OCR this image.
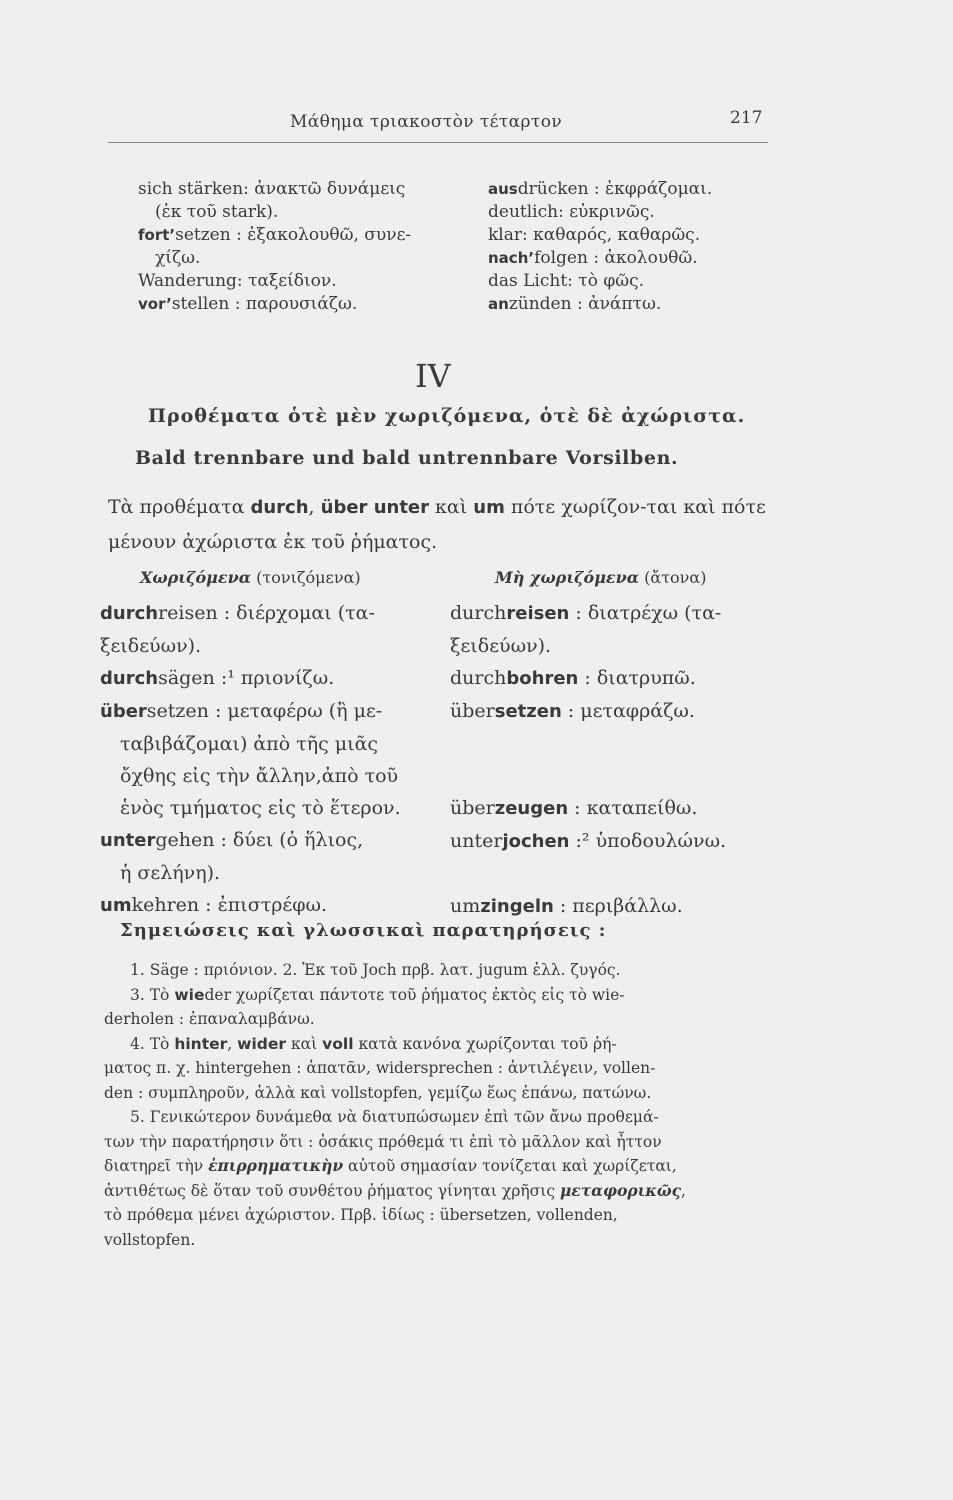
Μάθημα τριακοστὸν τέταρτον	217
sich stärken: ἀνακτῶ δυνάμεις
(ἐκ τοῦ stark).
fort’setzen : ἐξακολουθῶ, συνε-
χίζω.
Wanderung: ταξείδιον.
vor’stellen : παρουσιάζω.
ausdrücken : ἐκφράζομαι.
deutlich: εὐκρινῶς.
klar: καθαρός, καθαρῶς.
nach’folgen : ἀκολουθῶ.
das Licht: τὸ φῶς.
anzünden : ἀνάπτω.
IV
Προθέματα ὁτὲ μὲν χωριζόμενα, ὁτὲ δὲ ἀχώριστα.
Bald trennbare und bald untrennbare Vorsilben.
Τὰ προθέματα durch, über unter καὶ um πότε χωρίζον-ται καὶ πότε μένουν ἀχώριστα ἐκ τοῦ ῥήματος.
Χωριζόμενα (τονιζόμενα)	Μὴ χωριζόμενα (ἄτονα)
durchreisen : διέρχομαι (τα-
ξειδεύων).
durchsägen :¹ πριονίζω.
übersetzen : μεταφέρω (ἢ με-
ταβιβάζομαι) ἀπὸ τῆς μιᾶς
ὄχθης εἰς τὴν ἄλλην,ἀπὸ τοῦ
ἑνὸς τμήματος εἰς τὸ ἕτερον.
untergehen : δύει (ὁ ἥλιος,
ἡ σελήνη).
umkehren : ἐπιστρέφω.
durchreisen : διατρέχω (τα-
ξειδεύων).
durchbohren : διατρυπῶ.
übersetzen : μεταφράζω.
überzeugen : καταπείθω.
unterjochen :² ὑποδουλώνω.
umzingeln : περιβάλλω.
Σημειώσεις καὶ γλωσσικαὶ παρατηρήσεις :
1. Säge : πριόνιον. 2. Ἐκ τοῦ Joch πρβ. λατ. jugum ἑλλ. ζυγός.
3. Τὸ wieder χωρίζεται πάντοτε τοῦ ῥήματος ἐκτὸς εἰς τὸ wie-
derholen : ἐπαναλαμβάνω.
4. Τὸ hinter, wider καὶ voll κατὰ κανόνα χωρίζονται τοῦ ῥή-
ματος π. χ. hintergehen : ἀπατᾶν, widersprechen : ἀντιλέγειν, vollen-
den : συμπληροῦν, ἀλλὰ καὶ vollstopfen, γεμίζω ἕως ἐπάνω, πατώνω.
5. Γενικώτερον δυνάμεθα νὰ διατυπώσωμεν ἐπὶ τῶν ἄνω προθεμά-
των τὴν παρατήρησιν ὅτι : ὁσάκις πρόθεμά τι ἐπὶ τὸ μᾶλλον καὶ ἧττον
διατηρεῖ τὴν ἐπιρρηματικὴν αὐτοῦ σημασίαν τονίζεται καὶ χωρίζεται,
ἀντιθέτως δὲ ὅταν τοῦ συνθέτου ῥήματος γίνηται χρῆσις μεταφορικῶς,
τὸ πρόθεμα μένει ἀχώριστον. Πρβ. ἰδίως : übersetzen, vollenden,
vollstopfen.
